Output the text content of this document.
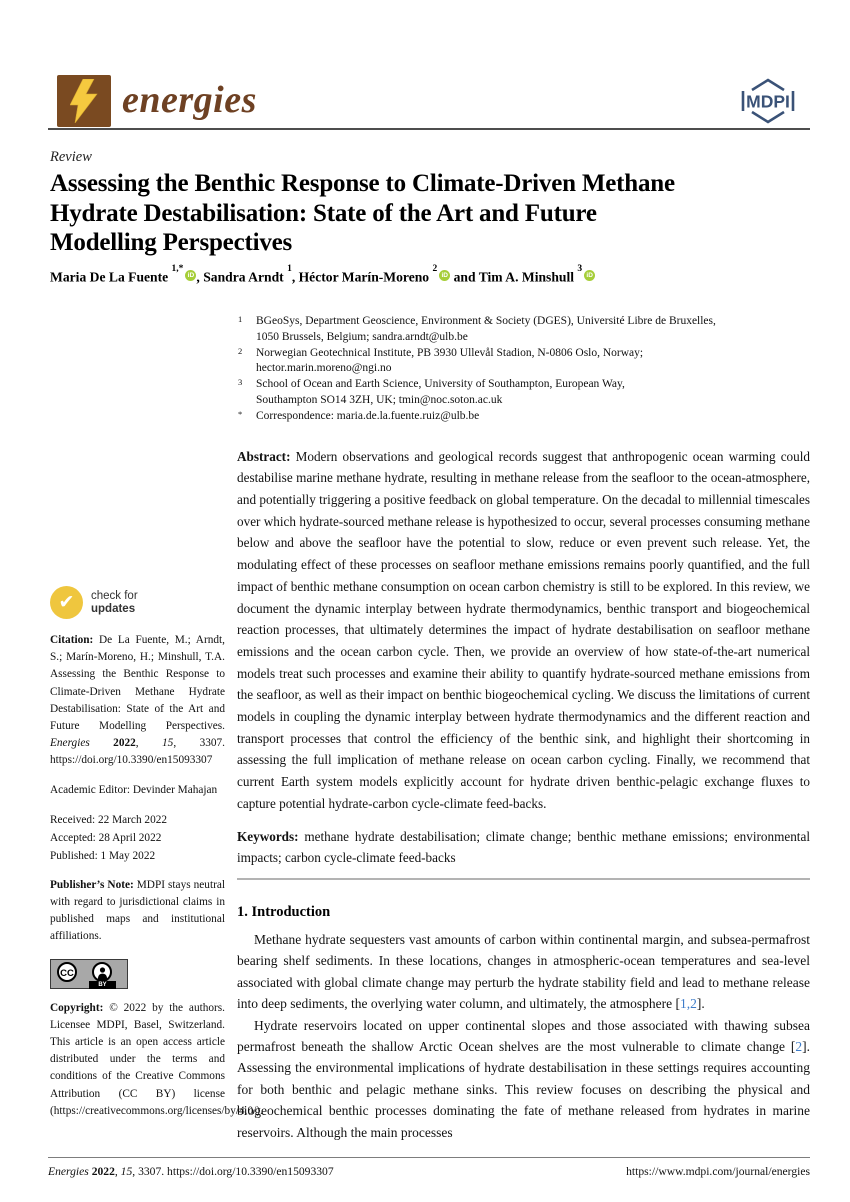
energies	MDPI
Review
Assessing the Benthic Response to Climate-Driven Methane
Hydrate Destabilisation: State of the Art and Future
Modelling Perspectives
Maria De La Fuente $^{1,*}$iD , Sandra Arndt $^1$, Héctor Marín-Moreno $^2$iD and Tim A. Minshull $^3$iD
1 BGeoSys, Department Geoscience, Environment & Society (DGES), Université Libre de Bruxelles,
1050 Brussels, Belgium; sandra.arndt@ulb.be
2 Norwegian Geotechnical Institute, PB 3930 Ullevål Stadion, N-0806 Oslo, Norway;
hector.marin.moreno@ngi.no
3 School of Ocean and Earth Science, University of Southampton, European Way,
Southampton SO14 3ZH, UK; tmin@noc.soton.ac.uk
* Correspondence: maria.de.la.fuente.ruiz@ulb.be

Abstract: Modern observations and geological records suggest that anthropogenic ocean warming could destabilise marine methane hydrate, resulting in methane release from the seafloor to the ocean-atmosphere, and potentially triggering a positive feedback on global temperature. On the decadal to millennial timescales over which hydrate-sourced methane release is hypothesized to occur, several processes consuming methane below and above the seafloor have the potential to slow, reduce or even prevent such release. Yet, the modulating effect of these processes on seafloor methane emissions remains poorly quantified, and the full impact of benthic methane consumption on ocean carbon chemistry is still to be explored. In this review, we document the dynamic interplay between hydrate thermodynamics, benthic transport and biogeochemical reaction processes, that ultimately determines the impact of hydrate destabilisation on seafloor methane emissions and the ocean carbon cycle. Then, we provide an overview of how state-of-the-art numerical models treat such processes and examine their ability to quantify hydrate-sourced methane emissions from the seafloor, as well as their impact on benthic biogeochemical cycling. We discuss the limitations of current models in coupling the dynamic interplay between hydrate thermodynamics and the different reaction and transport processes that control the efficiency of the benthic sink, and highlight their shortcoming in assessing the full implication of methane release on ocean carbon cycling. Finally, we recommend that current Earth system models explicitly account for hydrate driven benthic-pelagic exchange fluxes to capture potential hydrate-carbon cycle-climate feed-backs.

Keywords: methane hydrate destabilisation; climate change; benthic methane emissions; environmental impacts; carbon cycle-climate feed-backs

1. Introduction

Methane hydrate sequesters vast amounts of carbon within continental margin, and subsea-permafrost bearing shelf sediments. In these locations, changes in atmospheric-ocean temperatures and sea-level associated with global climate change may perturb the hydrate stability field and lead to methane release into deep sediments, the overlying water column, and ultimately, the atmosphere [1,2].

Hydrate reservoirs located on upper continental slopes and those associated with thawing subsea permafrost beneath the shallow Arctic Ocean shelves are the most vulnerable to climate change [2]. Assessing the environmental implications of hydrate destabilisation in these settings requires accounting for both benthic and pelagic methane sinks. This review focuses on describing the physical and biogeochemical benthic processes dominating the fate of methane released from hydrates in marine reservoirs. Although the main processes

✔	check for
updates

Citation: De La Fuente, M.; Arndt, S.; Marín-Moreno, H.; Minshull, T.A. Assessing the Benthic Response to Climate-Driven Methane Hydrate Destabilisation: State of the Art and Future Modelling Perspectives. Energies 2022, 15, 3307. https://doi.org/10.3390/en15093307

Academic Editor: Devinder Mahajan

Received: 22 March 2022
Accepted: 28 April 2022
Published: 1 May 2022

Publisher’s Note: MDPI stays neutral with regard to jurisdictional claims in published maps and institutional affiliations.

CC
BY

Copyright: © 2022 by the authors. Licensee MDPI, Basel, Switzerland. This article is an open access article distributed under the terms and conditions of the Creative Commons Attribution (CC BY) license (https://creativecommons.org/licenses/by/4.0/).

Energies 2022, 15, 3307. https://doi.org/10.3390/en15093307	https://www.mdpi.com/journal/energies
